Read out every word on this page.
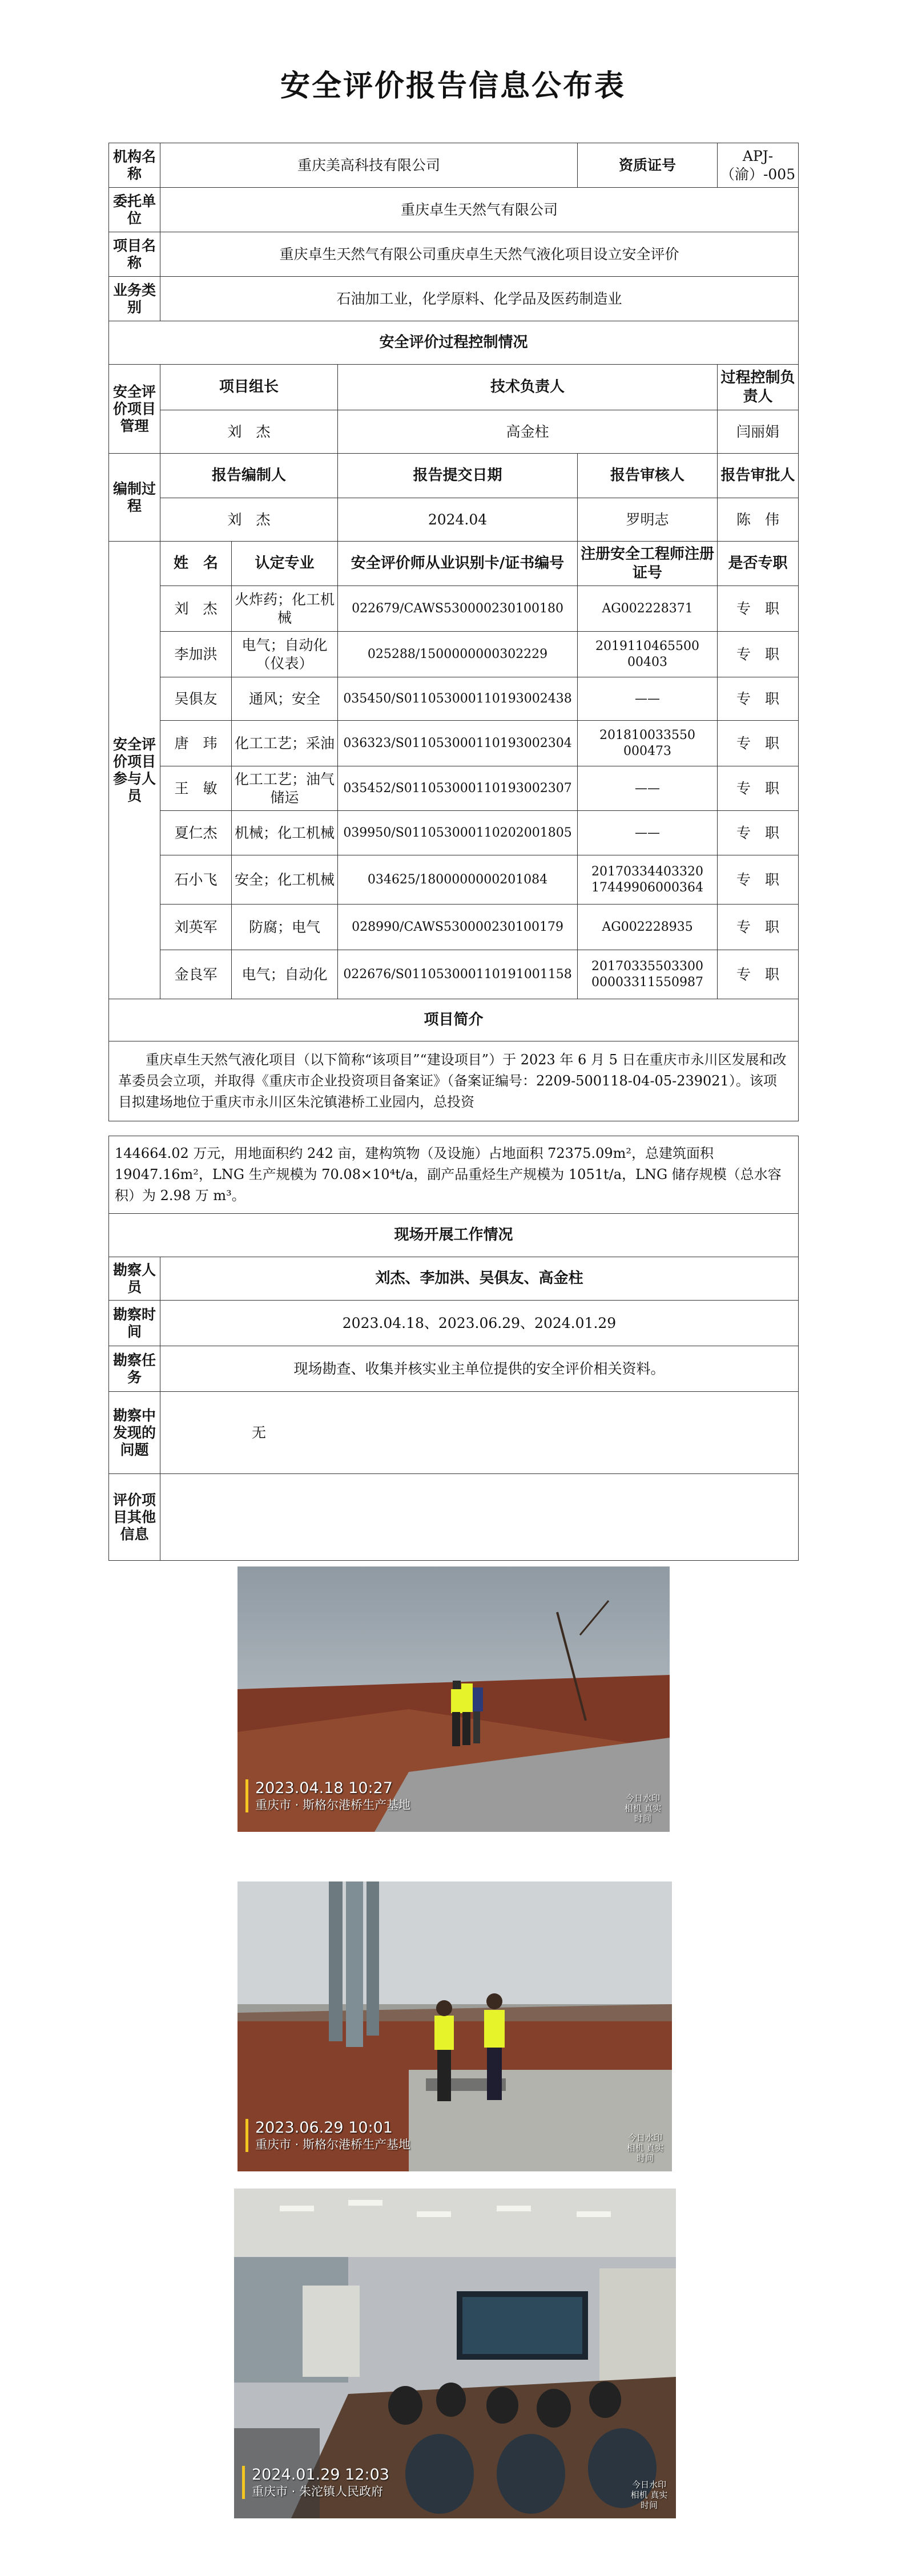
安全评价报告信息公布表
机构名称	重庆美高科技有限公司			资质证号	APJ-（渝）-005
委托单位	重庆卓生天然气有限公司				
项目名称	重庆卓生天然气有限公司重庆卓生天然气液化项目设立安全评价				
业务类别	石油加工业，化学原料、化学品及医药制造业				
安全评价过程控制情况					
安全评价项目管理	项目组长		技术负责人		过程控制负责人
	刘　杰		高金柱		闫丽娟
编制过程	报告编制人		报告提交日期	报告审核人	报告审批人
	刘　杰		2024.04	罗明志	陈　伟
安全评价项目参与人员	姓　名	认定专业	安全评价师从业识别卡/证书编号	注册安全工程师注册证号	是否专职
	刘　杰	火炸药；化工机械	022679/CAWS530000230100180	AG002228371	专　职
	李加洪	电气；自动化（仪表）	025288/1500000000302229	2019110465500 00403	专　职
	吴俱友	通风；安全	035450/S011053000110193002438	——	专　职
	唐　玮	化工工艺；采油	036323/S011053000110193002304	201810033550 000473	专　职
	王　敏	化工工艺；油气储运	035452/S011053000110193002307	——	专　职
	夏仁杰	机械；化工机械	039950/S011053000110202001805	——	专　职
	石小飞	安全；化工机械	034625/1800000000201084	20170334403320 17449906000364	专　职
	刘英军	防腐；电气	028990/CAWS530000230100179	AG002228935	专　职
	金良军	电气；自动化	022676/S011053000110191001158	20170335503300 00003311550987	专　职
项目简介					
重庆卓生天然气液化项目（以下简称“该项目”“建设项目”）于 2023 年 6 月 5 日在重庆市永川区发展和改革委员会立项，并取得《重庆市企业投资项目备案证》（备案证编号：2209-500118-04-05-239021）。该项目拟建场地位于重庆市永川区朱沱镇港桥工业园内，总投资					
144664.02 万元，用地面积约 242 亩，建构筑物（及设施）占地面积 72375.09m²，总建筑面积 19047.16m²，LNG 生产规模为 70.08×10⁴t/a，副产品重烃生产规模为 1051t/a，LNG 储存规模（总水容积）为 2.98 万 m³。	
现场开展工作情况	
勘察人员	刘杰、李加洪、吴俱友、高金柱
勘察时间	2023.04.18、2023.06.29、2024.01.29
勘察任务	现场勘查、收集并核实业主单位提供的安全评价相关资料。
勘察中发现的问题	无
评价项目其他信息	
2023.04.18 10:27
重庆市 · 斯格尔港桥生产基地	今日水印 相机 真实时间
2023.06.29 10:01
重庆市 · 斯格尔港桥生产基地	今日水印 相机 真实时间
2024.01.29 12:03
重庆市 · 朱沱镇人民政府	今日水印 相机 真实时间
